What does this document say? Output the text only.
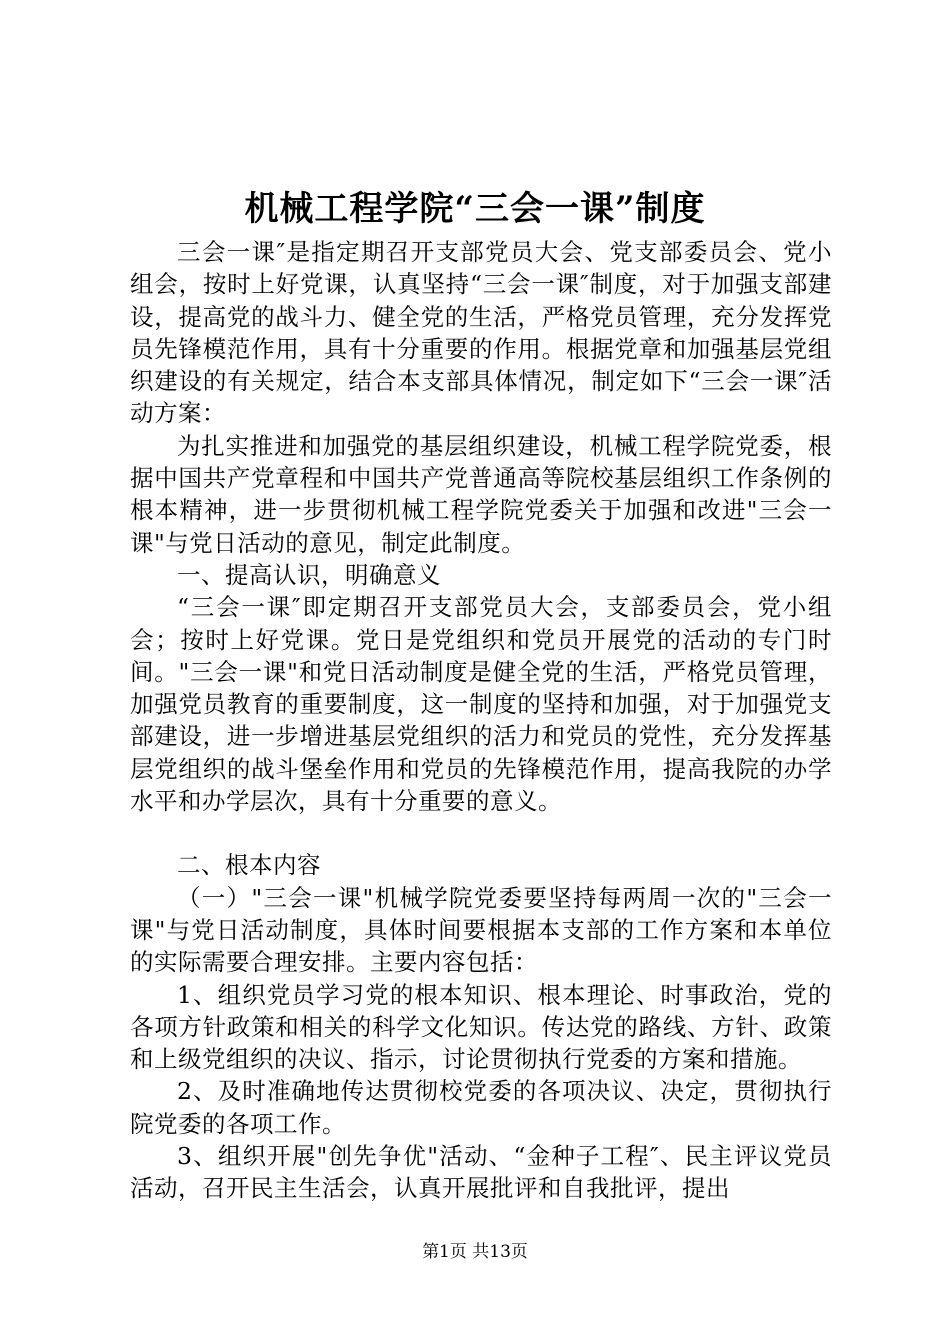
机械工程学院“三会一课”制度

三会一课″是指定期召开支部党员大会、党支部委员会、党小组会，按时上好党课，认真坚持“三会一课″制度，对于加强支部建设，提高党的战斗力、健全党的生活，严格党员管理，充分发挥党员先锋模范作用，具有十分重要的作用。根据党章和加强基层党组织建设的有关规定，结合本支部具体情况，制定如下“三会一课″活动方案：

为扎实推进和加强党的基层组织建设，机械工程学院党委，根据中国共产党章程和中国共产党普通高等院校基层组织工作条例的根本精神，进一步贯彻机械工程学院党委关于加强和改进"三会一课"与党日活动的意见，制定此制度。

一、提高认识，明确意义

“三会一课″即定期召开支部党员大会，支部委员会，党小组会；按时上好党课。党日是党组织和党员开展党的活动的专门时间。"三会一课"和党日活动制度是健全党的生活，严格党员管理，加强党员教育的重要制度，这一制度的坚持和加强，对于加强党支部建设，进一步增进基层党组织的活力和党员的党性，充分发挥基层党组织的战斗堡垒作用和党员的先锋模范作用，提高我院的办学水平和办学层次，具有十分重要的意义。

二、根本内容

（一）"三会一课"机械学院党委要坚持每两周一次的"三会一课"与党日活动制度，具体时间要根据本支部的工作方案和本单位的实际需要合理安排。主要内容包括：

1、组织党员学习党的根本知识、根本理论、时事政治，党的各项方针政策和相关的科学文化知识。传达党的路线、方针、政策和上级党组织的决议、指示，讨论贯彻执行党委的方案和措施。

2、及时准确地传达贯彻校党委的各项决议、决定，贯彻执行院党委的各项工作。

3、组织开展"创先争优"活动、“金种子工程″、民主评议党员活动，召开民主生活会，认真开展批评和自我批评，提出

第1页 共13页
